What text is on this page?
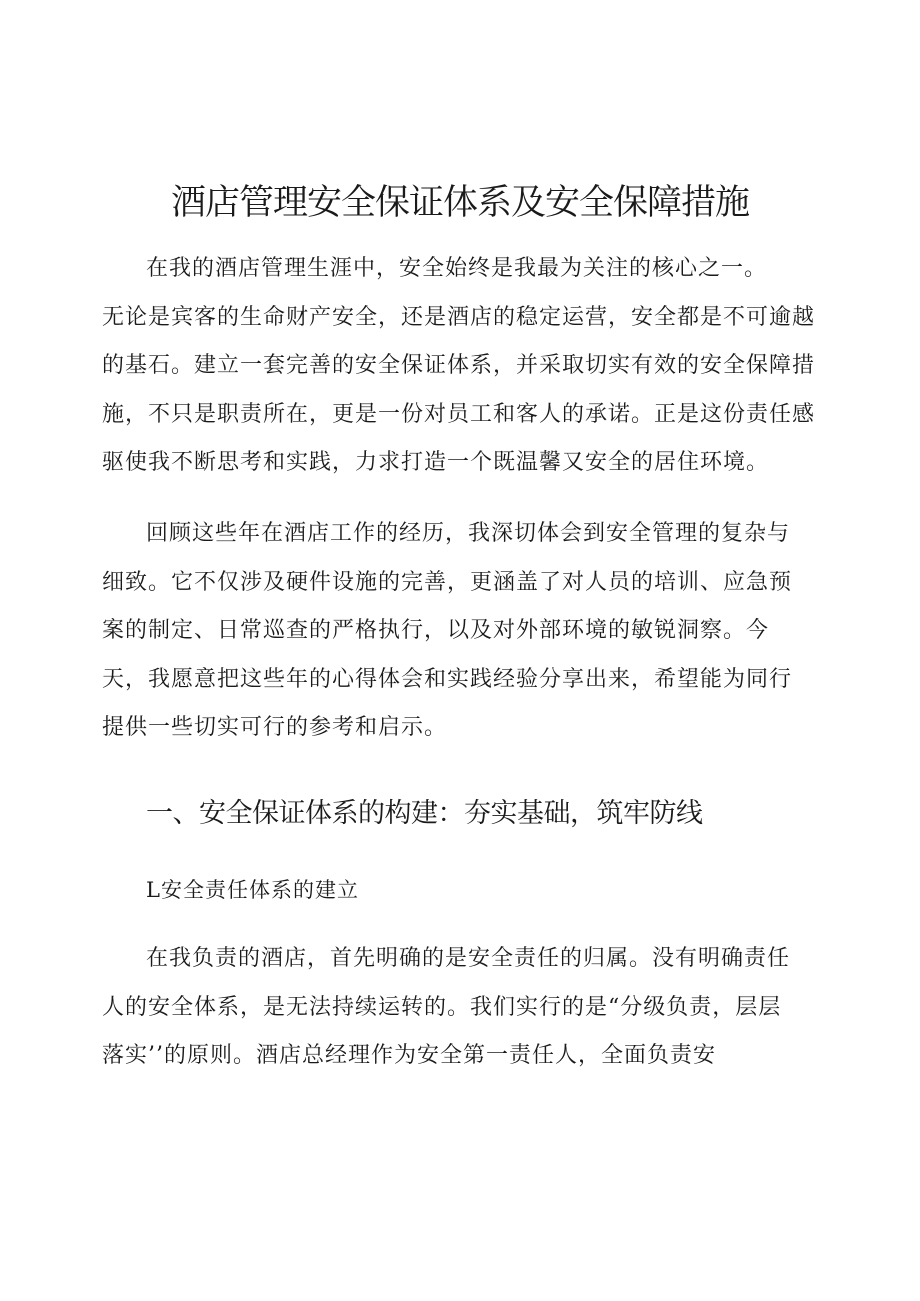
酒店管理安全保证体系及安全保障措施
在我的酒店管理生涯中，安全始终是我最为关注的核心之一。
无论是宾客的生命财产安全，还是酒店的稳定运营，安全都是不可逾越
的基石。建立一套完善的安全保证体系，并采取切实有效的安全保障措
施，不只是职责所在，更是一份对员工和客人的承诺。正是这份责任感
驱使我不断思考和实践，力求打造一个既温馨又安全的居住环境。
回顾这些年在酒店工作的经历，我深切体会到安全管理的复杂与
细致。它不仅涉及硬件设施的完善，更涵盖了对人员的培训、应急预
案的制定、日常巡查的严格执行，以及对外部环境的敏锐洞察。今
天，我愿意把这些年的心得体会和实践经验分享出来，希望能为同行
提供一些切实可行的参考和启示。
一、安全保证体系的构建：夯实基础，筑牢防线
L安全责任体系的建立
在我负责的酒店，首先明确的是安全责任的归属。没有明确责任
人的安全体系，是无法持续运转的。我们实行的是“分级负责，层层
落实’’的原则。酒店总经理作为安全第一责任人，全面负责安
